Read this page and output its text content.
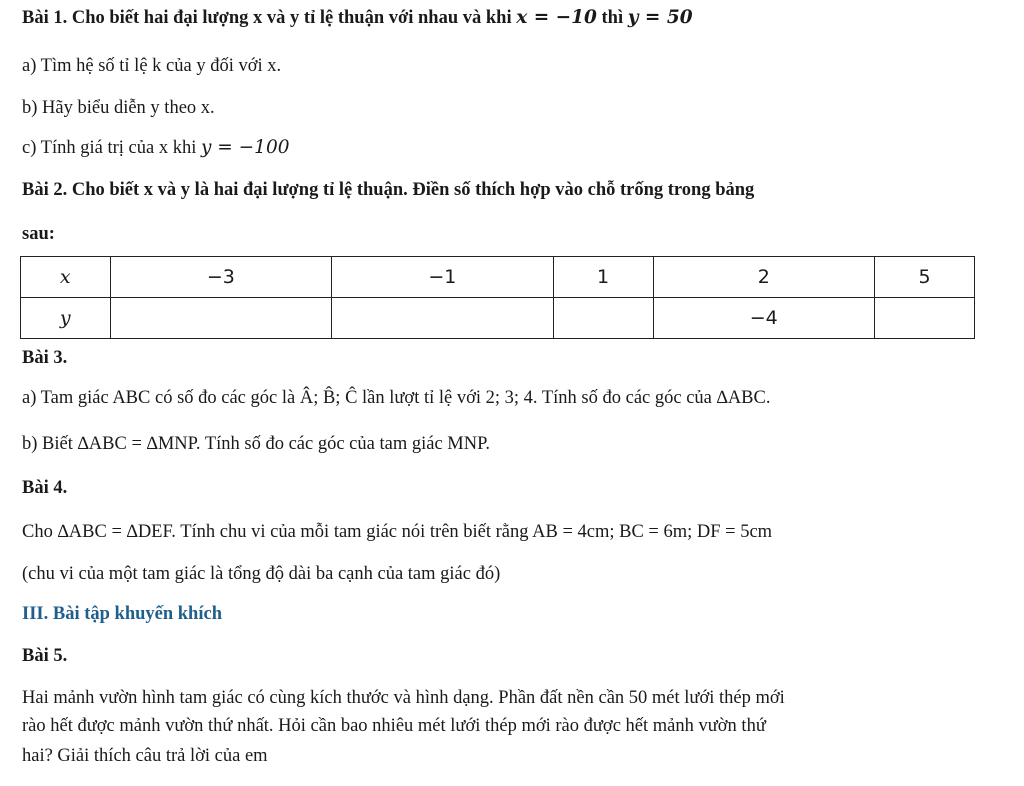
Bài 1. Cho biết hai đại lượng x và y tỉ lệ thuận với nhau và khi x = −10 thì y = 50
a) Tìm hệ số tỉ lệ k của y đối với x.
b) Hãy biểu diễn y theo x.
c) Tính giá trị của x khi y = −100
Bài 2. Cho biết x và y là hai đại lượng tỉ lệ thuận. Điền số thích hợp vào chỗ trống trong bảng
sau:
x	−3	−1	1	2	5
y				−4	
Bài 3.
a) Tam giác ABC có số đo các góc là Â; B̂; Ĉ lần lượt tỉ lệ với 2; 3; 4. Tính số đo các góc của ∆ABC.
b) Biết ∆ABC = ∆MNP. Tính số đo các góc của tam giác MNP.
Bài 4.
Cho ∆ABC = ∆DEF. Tính chu vi của mỗi tam giác nói trên biết rằng AB = 4cm; BC = 6m; DF = 5cm
(chu vi của một tam giác là tổng độ dài ba cạnh của tam giác đó)
III. Bài tập khuyến khích
Bài 5.
Hai mảnh vườn hình tam giác có cùng kích thước và hình dạng. Phần đất nền cần 50 mét lưới thép mới
rào hết được mảnh vườn thứ nhất. Hỏi cần bao nhiêu mét lưới thép mới rào được hết mảnh vườn thứ
hai? Giải thích câu trả lời của em
